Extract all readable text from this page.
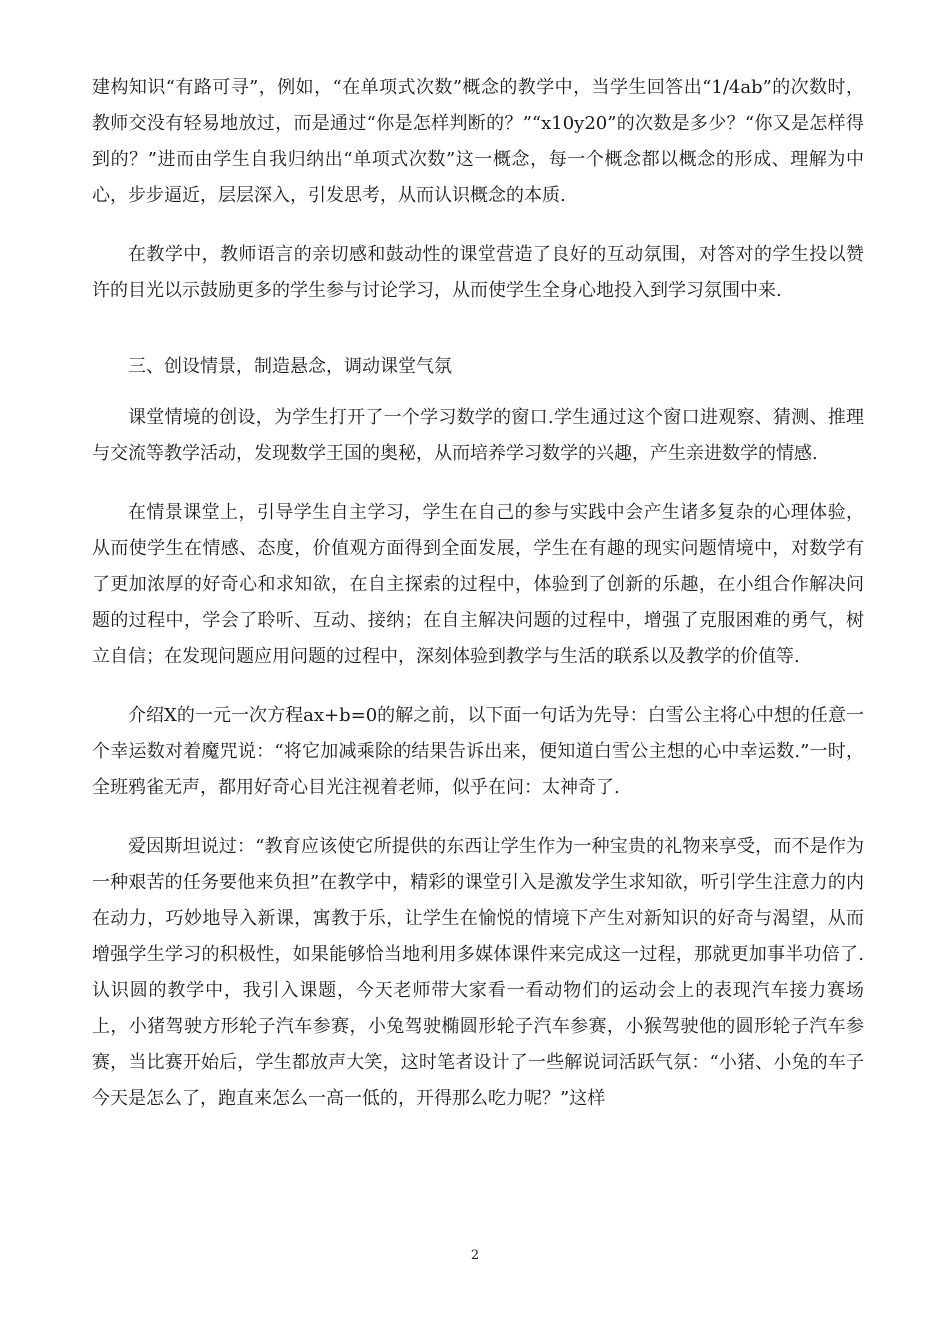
建构知识“有路可寻”，例如，“在单项式次数”概念的教学中，当学生回答出“1/4ab”的次数时，教师交没有轻易地放过，而是通过“你是怎样判断的？”“x10y20”的次数是多少？“你又是怎样得到的？”进而由学生自我归纳出“单项式次数”这一概念，每一个概念都以概念的形成、理解为中心，步步逼近，层层深入，引发思考，从而认识概念的本质.

在教学中，教师语言的亲切感和鼓动性的课堂营造了良好的互动氛围，对答对的学生投以赞许的目光以示鼓励更多的学生参与讨论学习，从而使学生全身心地投入到学习氛围中来.

三、创设情景，制造悬念，调动课堂气氛

课堂情境的创设，为学生打开了一个学习数学的窗口.学生通过这个窗口进观察、猜测、推理与交流等教学活动，发现数学王国的奥秘，从而培养学习数学的兴趣，产生亲进数学的情感.

在情景课堂上，引导学生自主学习，学生在自己的参与实践中会产生诸多复杂的心理体验，从而使学生在情感、态度，价值观方面得到全面发展，学生在有趣的现实问题情境中，对数学有了更加浓厚的好奇心和求知欲，在自主探索的过程中，体验到了创新的乐趣，在小组合作解决问题的过程中，学会了聆听、互动、接纳；在自主解决问题的过程中，增强了克服困难的勇气，树立自信；在发现问题应用问题的过程中，深刻体验到教学与生活的联系以及教学的价值等.

介绍X的一元一次方程ax+b=0的解之前，以下面一句话为先导：白雪公主将心中想的任意一个幸运数对着魔咒说：“将它加减乘除的结果告诉出来，便知道白雪公主想的心中幸运数.”一时，全班鸦雀无声，都用好奇心目光注视着老师，似乎在问：太神奇了.

爱因斯坦说过：“教育应该使它所提供的东西让学生作为一种宝贵的礼物来享受，而不是作为一种艰苦的任务要他来负担”在教学中，精彩的课堂引入是激发学生求知欲，听引学生注意力的内在动力，巧妙地导入新课，寓教于乐，让学生在愉悦的情境下产生对新知识的好奇与渴望，从而增强学生学习的积极性，如果能够恰当地利用多媒体课件来完成这一过程，那就更加事半功倍了.认识圆的教学中，我引入课题，今天老师带大家看一看动物们的运动会上的表现汽车接力赛场上，小猪驾驶方形轮子汽车参赛，小兔驾驶椭圆形轮子汽车参赛，小猴驾驶他的圆形轮子汽车参赛，当比赛开始后，学生都放声大笑，这时笔者设计了一些解说词活跃气氛：“小猪、小兔的车子今天是怎么了，跑直来怎么一高一低的，开得那么吃力呢？”这样

2
